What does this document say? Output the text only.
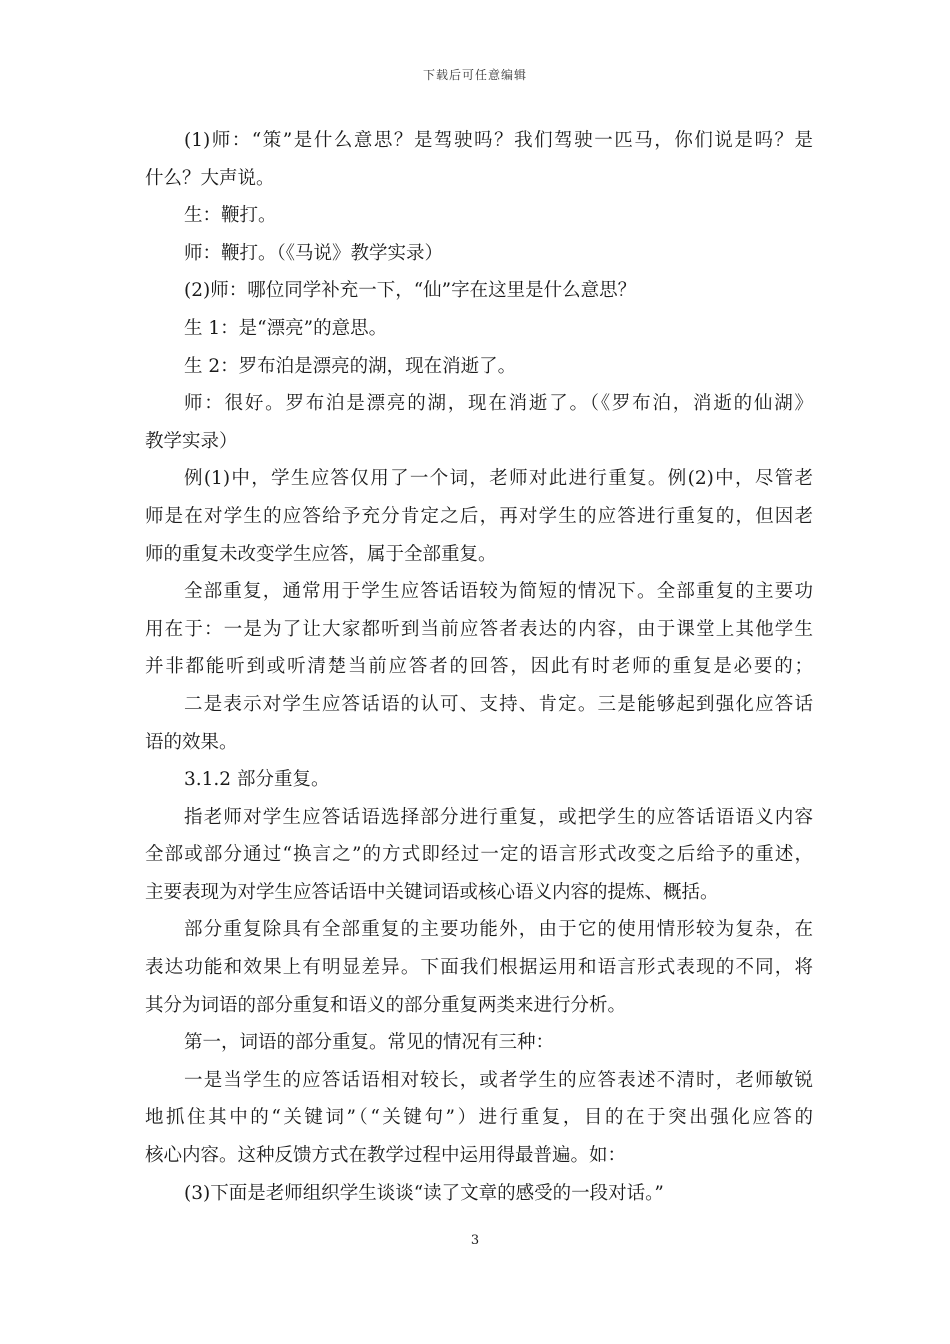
下载后可任意编辑
(1)师：“策”是什么意思？是驾驶吗？我们驾驶一匹马，你们说是吗？是
什么？大声说。
生：鞭打。
师：鞭打。（《马说》教学实录）
(2)师：哪位同学补充一下，“仙”字在这里是什么意思？
生 1：是“漂亮”的意思。
生 2：罗布泊是漂亮的湖，现在消逝了。
师：很好。罗布泊是漂亮的湖，现在消逝了。（《罗布泊，消逝的仙湖》
教学实录）
例(1)中，学生应答仅用了一个词，老师对此进行重复。例(2)中，尽管老
师是在对学生的应答给予充分肯定之后，再对学生的应答进行重复的，但因老
师的重复未改变学生应答，属于全部重复。
全部重复，通常用于学生应答话语较为简短的情况下。全部重复的主要功
用在于：一是为了让大家都听到当前应答者表达的内容，由于课堂上其他学生
并非都能听到或听清楚当前应答者的回答，因此有时老师的重复是必要的；
二是表示对学生应答话语的认可、支持、肯定。三是能够起到强化应答话
语的效果。
3.1.2 部分重复。
指老师对学生应答话语选择部分进行重复，或把学生的应答话语语义内容
全部或部分通过“换言之”的方式即经过一定的语言形式改变之后给予的重述，
主要表现为对学生应答话语中关键词语或核心语义内容的提炼、概括。
部分重复除具有全部重复的主要功能外，由于它的使用情形较为复杂，在
表达功能和效果上有明显差异。下面我们根据运用和语言形式表现的不同，将
其分为词语的部分重复和语义的部分重复两类来进行分析。
第一，词语的部分重复。常见的情况有三种：
一是当学生的应答话语相对较长，或者学生的应答表述不清时，老师敏锐
地抓住其中的“关键词”（“关键句”）进行重复，目的在于突出强化应答的
核心内容。这种反馈方式在教学过程中运用得最普遍。如：
(3)下面是老师组织学生谈谈“读了文章的感受的一段对话。”
3
